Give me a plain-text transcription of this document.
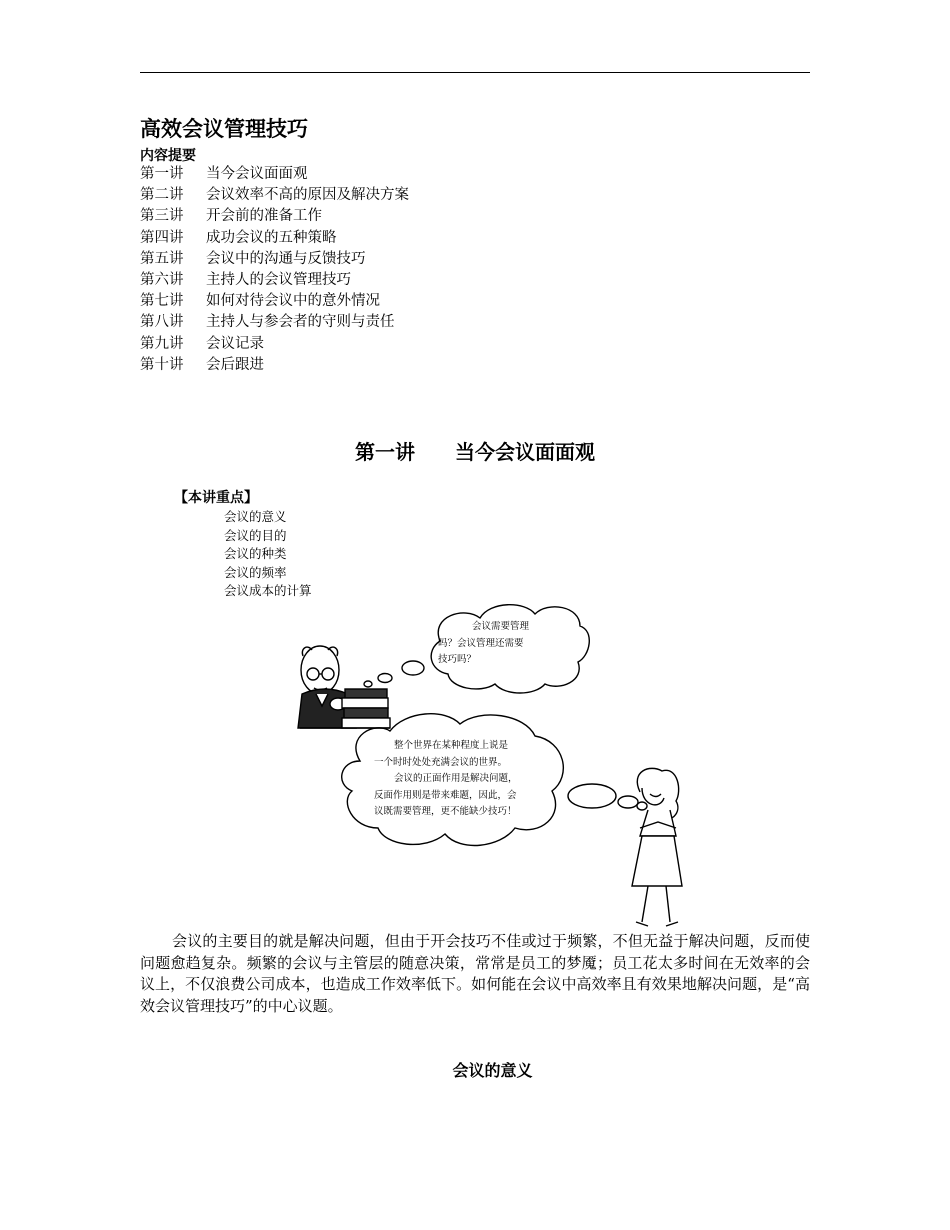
高效会议管理技巧
内容提要
第一讲 当今会议面面观
第二讲 会议效率不高的原因及解决方案
第三讲 开会前的准备工作
第四讲 成功会议的五种策略
第五讲 会议中的沟通与反馈技巧
第六讲 主持人的会议管理技巧
第七讲 如何对待会议中的意外情况
第八讲 主持人与参会者的守则与责任
第九讲 会议记录
第十讲 会后跟进
第一讲 当今会议面面观
【本讲重点】
会议的意义
会议的目的
会议的种类
会议的频率
会议成本的计算
会议需要管理
吗？会议管理还需要
技巧吗？
整个世界在某种程度上说是
一个时时处处充满会议的世界。
会议的正面作用是解决问题，
反面作用则是带来难题，因此，会
议既需要管理，更不能缺少技巧！

会议的主要目的就是解决问题，但由于开会技巧不佳或过于频繁，不但无益于解决问题，反而使问题愈趋复杂。频繁的会议与主管层的随意决策，常常是员工的梦魇；员工花太多时间在无效率的会议上，不仅浪费公司成本，也造成工作效率低下。如何能在会议中高效率且有效果地解决问题，是“高效会议管理技巧”的中心议题。

会议的意义
